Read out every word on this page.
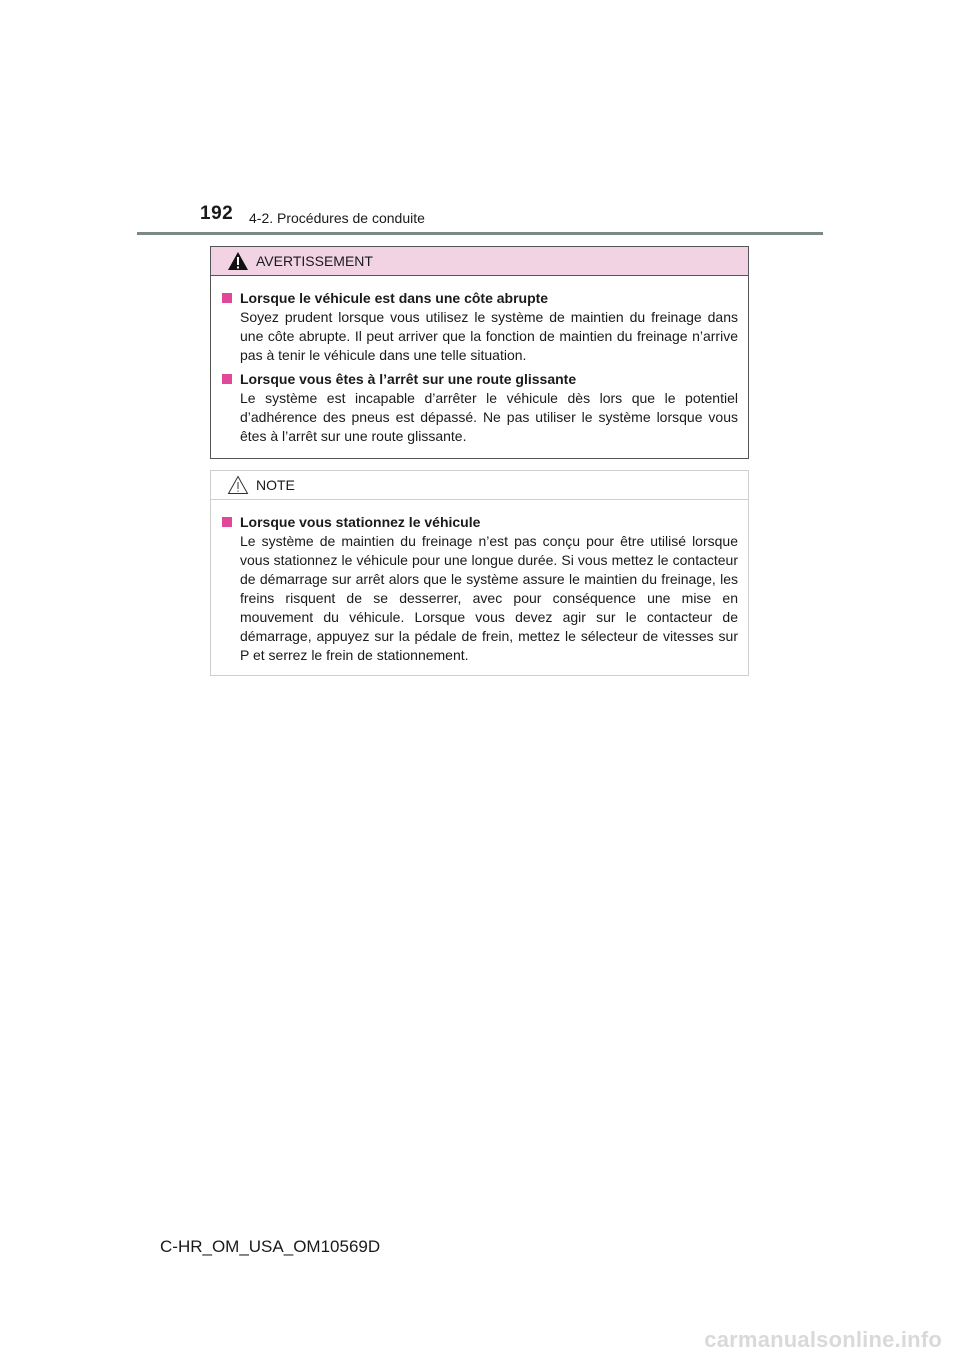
192 4-2. Procédures de conduite
AVERTISSEMENT
Lorsque le véhicule est dans une côte abrupte
Soyez prudent lorsque vous utilisez le système de maintien du freinage dans une côte abrupte. Il peut arriver que la fonction de maintien du freinage n’arrive pas à tenir le véhicule dans une telle situation.
Lorsque vous êtes à l’arrêt sur une route glissante
Le système est incapable d’arrêter le véhicule dès lors que le potentiel d’adhérence des pneus est dépassé. Ne pas utiliser le système lorsque vous êtes à l’arrêt sur une route glissante.
NOTE
Lorsque vous stationnez le véhicule
Le système de maintien du freinage n’est pas conçu pour être utilisé lorsque vous stationnez le véhicule pour une longue durée. Si vous mettez le contacteur de démarrage sur arrêt alors que le système assure le maintien du freinage, les freins risquent de se desserrer, avec pour conséquence une mise en mouvement du véhicule. Lorsque vous devez agir sur le contacteur de démarrage, appuyez sur la pédale de frein, mettez le sélecteur de vitesses sur P et serrez le frein de stationnement.
C-HR_OM_USA_OM10569D
carmanualsonline.info
